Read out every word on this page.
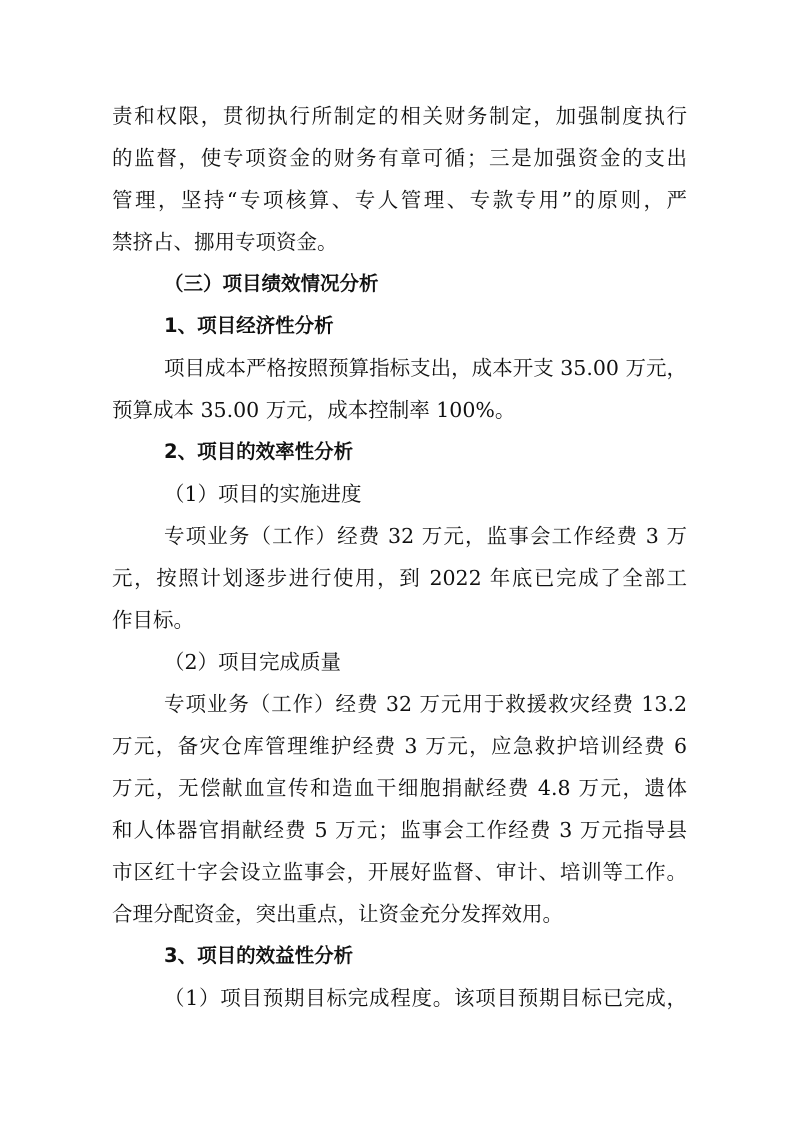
责和权限，贯彻执行所制定的相关财务制定，加强制度执行
的监督，使专项资金的财务有章可循；三是加强资金的支出
管理，坚持“专项核算、专人管理、专款专用”的原则，严
禁挤占、挪用专项资金。
（三）项目绩效情况分析
1、项目经济性分析
项目成本严格按照预算指标支出，成本开支 35.00 万元，
预算成本 35.00 万元，成本控制率 100%。
2、项目的效率性分析
（1）项目的实施进度
专项业务（工作）经费 32 万元，监事会工作经费 3 万
元，按照计划逐步进行使用，到 2022 年底已完成了全部工
作目标。
（2）项目完成质量
专项业务（工作）经费 32 万元用于救援救灾经费 13.2
万元，备灾仓库管理维护经费 3 万元，应急救护培训经费 6
万元，无偿献血宣传和造血干细胞捐献经费 4.8 万元，遗体
和人体器官捐献经费 5 万元；监事会工作经费 3 万元指导县
市区红十字会设立监事会，开展好监督、审计、培训等工作。
合理分配资金，突出重点，让资金充分发挥效用。
3、项目的效益性分析
（1）项目预期目标完成程度。该项目预期目标已完成，
